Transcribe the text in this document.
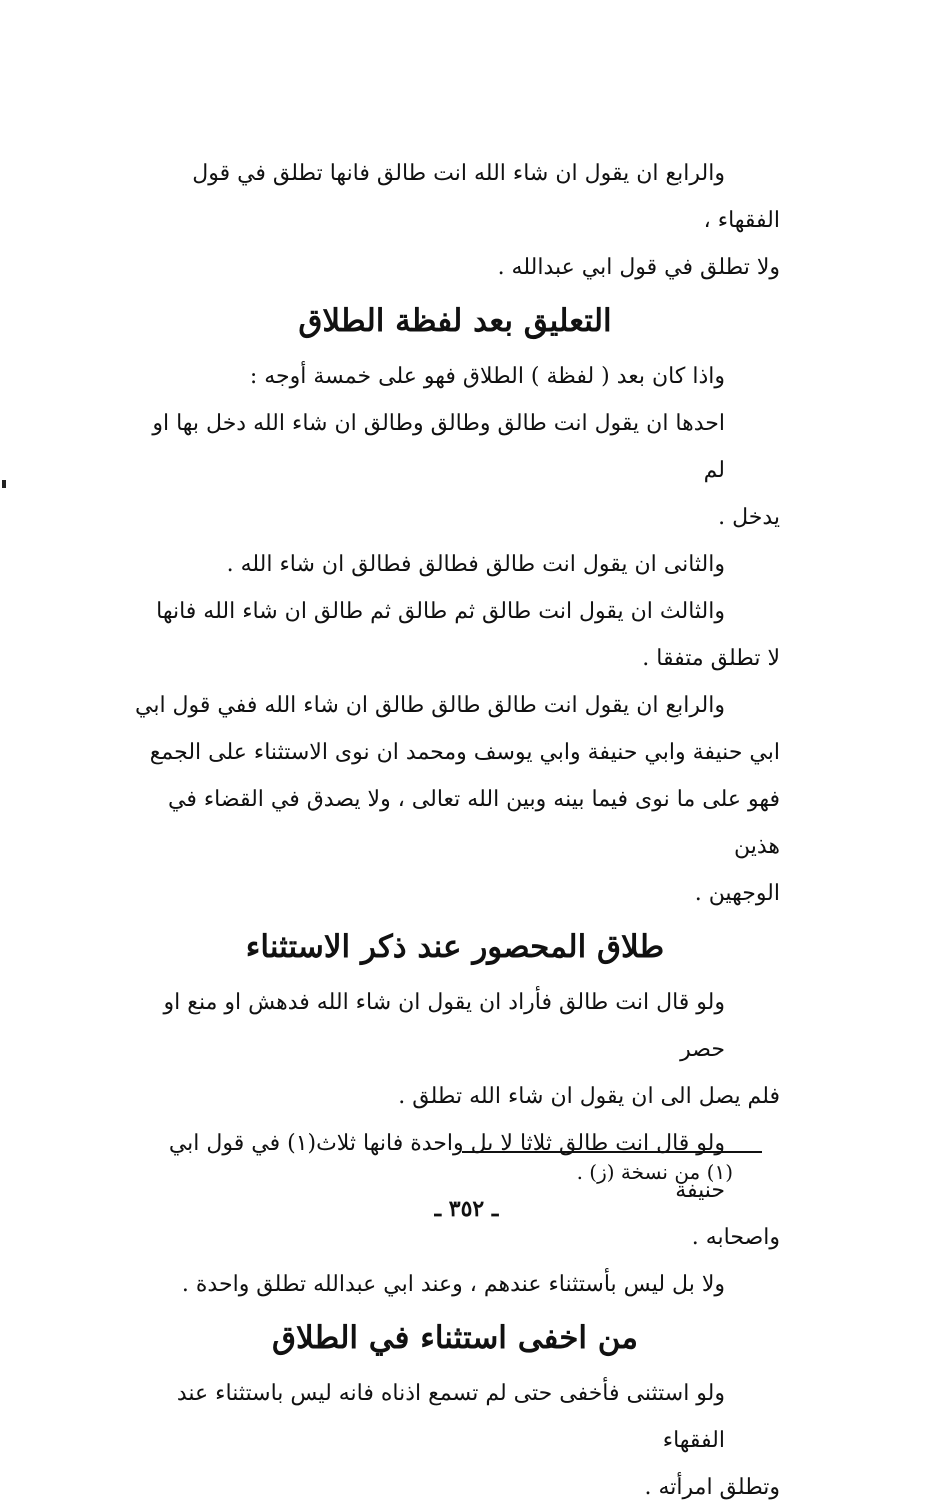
والرابع ان يقول ان شاء الله انت طالق فانها تطلق في قول الفقهاء ،
ولا تطلق في قول ابي عبدالله .

التعليق بعد لفظة الطلاق

واذا كان بعد ( لفظة ) الطلاق فهو على خمسة أوجه :
احدها ان يقول انت طالق وطالق وطالق ان شاء الله دخل بها او لم
يدخل .
والثانى ان يقول انت طالق فطالق فطالق ان شاء الله .
والثالث ان يقول انت طالق ثم طالق ثم طالق ان شاء الله فانها
لا تطلق متفقا .
والرابع ان يقول انت طالق طالق طالق ان شاء الله ففي قول ابي
ابي حنيفة وابي حنيفة وابي يوسف ومحمد ان نوى الاستثناء على الجمع
فهو على ما نوى فيما بينه وبين الله تعالى ، ولا يصدق في القضاء في هذين
الوجهين .

طلاق المحصور عند ذكر الاستثناء

ولو قال انت طالق فأراد ان يقول ان شاء الله فدهش او منع او حصر
فلم يصل الى ان يقول ان شاء الله تطلق .
ولو قال انت طالق ثلاثا لا بل واحدة فانها ثلاث(١) في قول ابي حنيفة
واصحابه .
ولا بل ليس بأستثناء عندهم ، وعند ابي عبدالله تطلق واحدة .

من اخفى استثناء في الطلاق

ولو استثنى فأخفى حتى لم تسمع اذناه فانه ليس باستثناء عند الفقهاء
وتطلق امرأته .

(١) من نسخة (ز) .
ـ ٣٥٢ ـ
